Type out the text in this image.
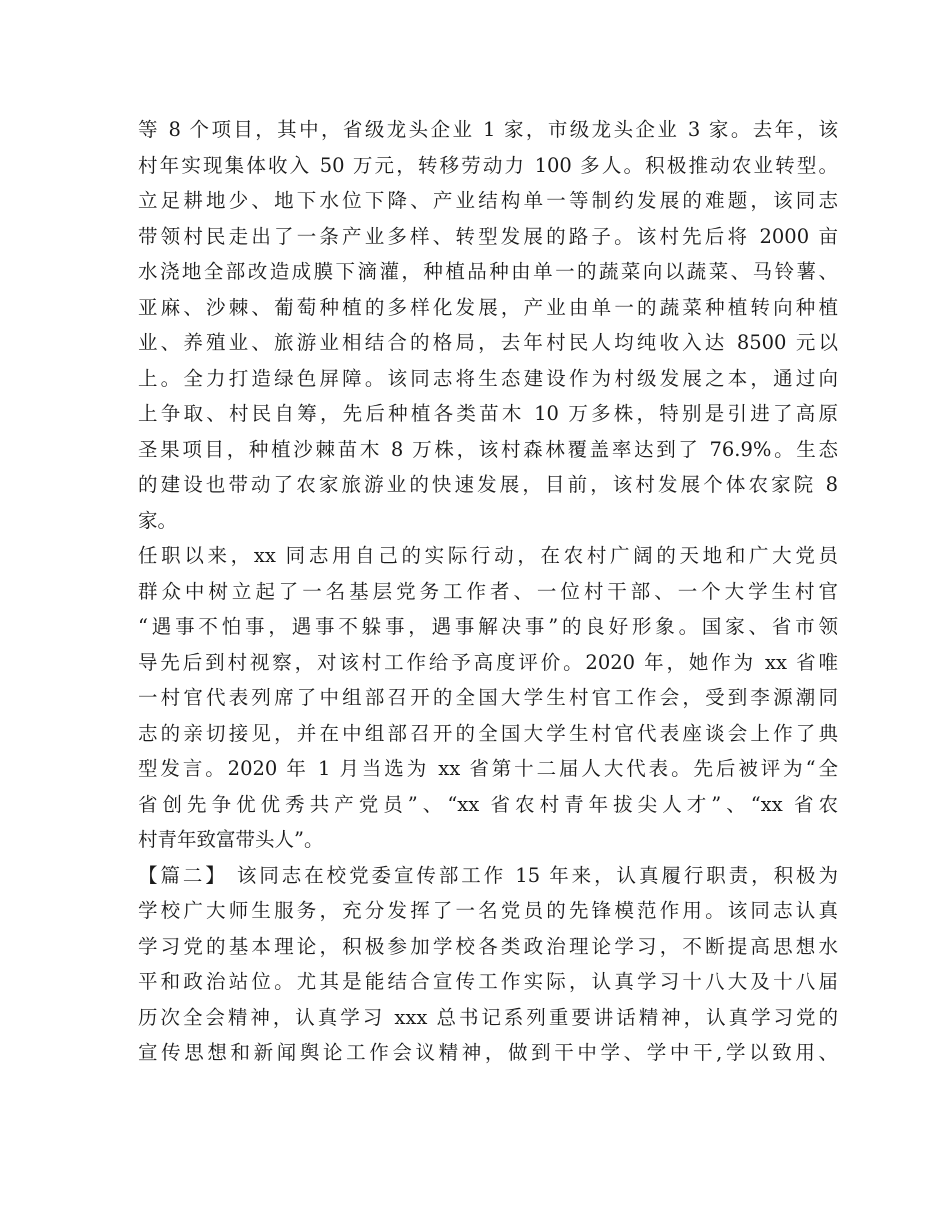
等 8 个项目，其中，省级龙头企业 1 家，市级龙头企业 3 家。去年，该
村年实现集体收入 50 万元，转移劳动力 100 多人。积极推动农业转型。
立足耕地少、地下水位下降、产业结构单一等制约发展的难题，该同志
带领村民走出了一条产业多样、转型发展的路子。该村先后将 2000 亩
水浇地全部改造成膜下滴灌，种植品种由单一的蔬菜向以蔬菜、马铃薯、
亚麻、沙棘、葡萄种植的多样化发展，产业由单一的蔬菜种植转向种植
业、养殖业、旅游业相结合的格局，去年村民人均纯收入达 8500 元以
上。全力打造绿色屏障。该同志将生态建设作为村级发展之本，通过向
上争取、村民自筹，先后种植各类苗木 10 万多株，特别是引进了高原
圣果项目，种植沙棘苗木 8 万株，该村森林覆盖率达到了 76.9%。生态
的建设也带动了农家旅游业的快速发展，目前，该村发展个体农家院 8
家。
任职以来，xx 同志用自己的实际行动，在农村广阔的天地和广大党员
群众中树立起了一名基层党务工作者、一位村干部、一个大学生村官
“遇事不怕事，遇事不躲事，遇事解决事”的良好形象。国家、省市领
导先后到村视察，对该村工作给予高度评价。2020 年，她作为 xx 省唯
一村官代表列席了中组部召开的全国大学生村官工作会，受到李源潮同
志的亲切接见，并在中组部召开的全国大学生村官代表座谈会上作了典
型发言。2020 年 1 月当选为 xx 省第十二届人大代表。先后被评为“全
省创先争优优秀共产党员”、“xx 省农村青年拔尖人才”、“xx 省农
村青年致富带头人”。
【篇二】 该同志在校党委宣传部工作 15 年来，认真履行职责，积极为
学校广大师生服务，充分发挥了一名党员的先锋模范作用。该同志认真
学习党的基本理论，积极参加学校各类政治理论学习，不断提高思想水
平和政治站位。尤其是能结合宣传工作实际，认真学习十八大及十八届
历次全会精神，认真学习 xxx 总书记系列重要讲话精神，认真学习党的
宣传思想和新闻舆论工作会议精神，做到干中学、学中干,学以致用、
